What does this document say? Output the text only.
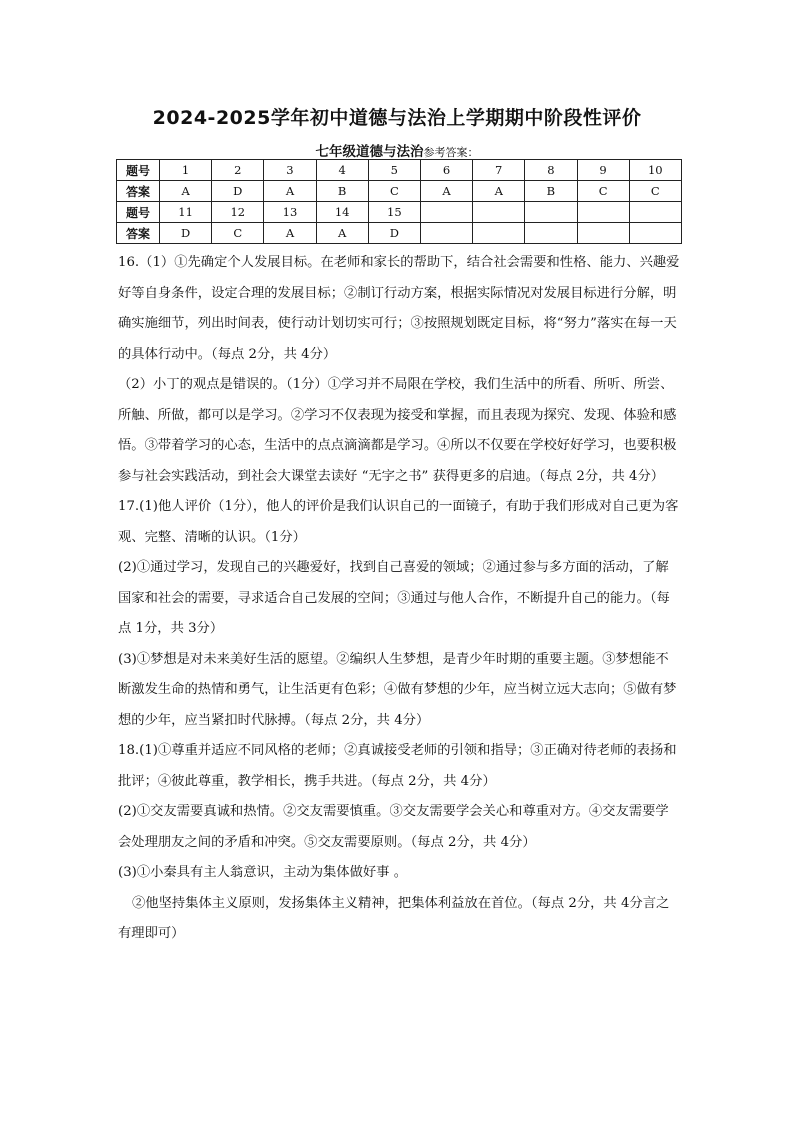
2024-2025学年初中道德与法治上学期期中阶段性评价
七年级道德与法治参考答案：
题号	1	2	3	4	5	6	7	8	9	10
答案	A	D	A	B	C	A	A	B	C	C
题号	11	12	13	14	15					
答案	D	C	A	A	D					

16.（1）①先确定个人发展目标。在老师和家长的帮助下，结合社会需要和性格、能力、兴趣爱好等自身条件，设定合理的发展目标；②制订行动方案，根据实际情况对发展目标进行分解，明确实施细节，列出时间表，使行动计划切实可行；③按照规划既定目标，将“努力”落实在每一天的具体行动中。（每点 2分，共 4分）

（2）小丁的观点是错误的。（1分）①学习并不局限在学校，我们生活中的所看、所听、所尝、所触、所做，都可以是学习。②学习不仅表现为接受和掌握，而且表现为探究、发现、体验和感悟。③带着学习的心态，生活中的点点滴滴都是学习。④所以不仅要在学校好好学习，也要积极参与社会实践活动，到社会大课堂去读好 “无字之书” 获得更多的启迪。（每点 2分，共 4分）

17.(1)他人评价（1分），他人的评价是我们认识自己的一面镜子，有助于我们形成对自己更为客观、完整、清晰的认识。（1分）

(2)①通过学习，发现自己的兴趣爱好，找到自己喜爱的领域；②通过参与多方面的活动，了解国家和社会的需要，寻求适合自己发展的空间；③通过与他人合作，不断提升自己的能力。（每点 1分，共 3分）

(3)①梦想是对未来美好生活的愿望。②编织人生梦想，是青少年时期的重要主题。③梦想能不断激发生命的热情和勇气，让生活更有色彩；④做有梦想的少年，应当树立远大志向；⑤做有梦想的少年，应当紧扣时代脉搏。（每点 2分，共 4分）

18.(1)①尊重并适应不同风格的老师；②真诚接受老师的引领和指导；③正确对待老师的表扬和批评；④彼此尊重，教学相长，携手共进。（每点 2分，共 4分）

(2)①交友需要真诚和热情。②交友需要慎重。③交友需要学会关心和尊重对方。④交友需要学会处理朋友之间的矛盾和冲突。⑤交友需要原则。（每点 2分，共 4分）

(3)①小秦具有主人翁意识，主动为集体做好事 。

②他坚持集体主义原则，发扬集体主义精神，把集体利益放在首位。（每点 2分，共 4分言之有理即可）
